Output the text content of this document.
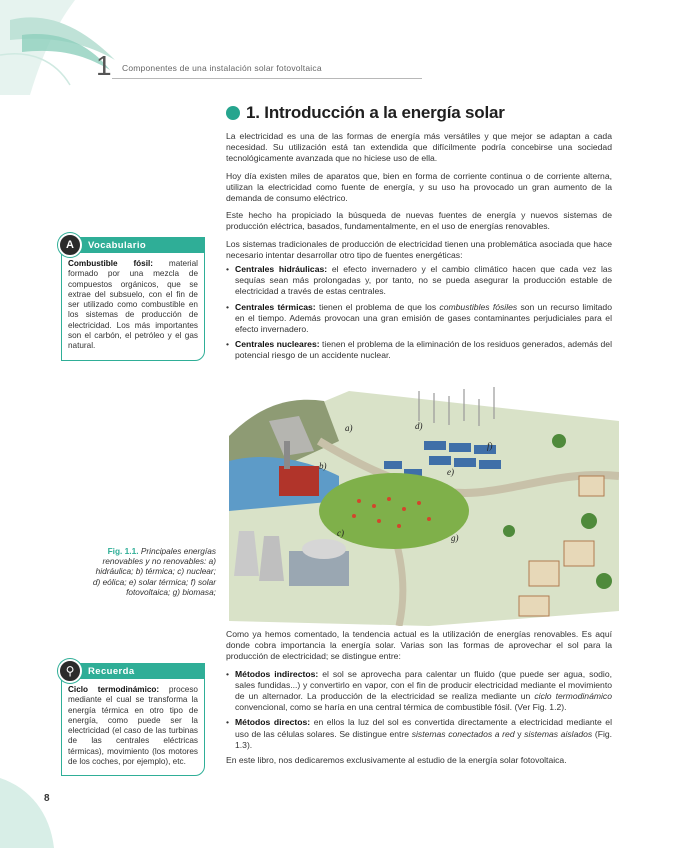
1 Componentes de una instalación solar fotovoltaica
1. Introducción a la energía solar

La electricidad es una de las formas de energía más versátiles y que mejor se adaptan a cada necesidad. Su utilización está tan extendida que difícilmente podría concebirse una sociedad tecnológicamente avanzada que no hiciese uso de ella.

Hoy día existen miles de aparatos que, bien en forma de corriente continua o de corriente alterna, utilizan la electricidad como fuente de energía, y su uso ha provocado un gran aumento de la demanda de consumo eléctrico.

Este hecho ha propiciado la búsqueda de nuevas fuentes de energía y nuevos sistemas de producción eléctrica, basados, fundamentalmente, en el uso de energías renovables.

Los sistemas tradicionales de producción de electricidad tienen una problemática asociada que hace necesario intentar desarrollar otro tipo de fuentes energéticas:

• Centrales hidráulicas: el efecto invernadero y el cambio climático hacen que cada vez las sequías sean más prolongadas y, por tanto, no se pueda asegurar la producción estable de electricidad a través de estas centrales.
• Centrales térmicas: tienen el problema de que los combustibles fósiles son un recurso limitado en el tiempo. Además provocan una gran emisión de gases contaminantes perjudiciales para el efecto invernadero.
• Centrales nucleares: tienen el problema de la eliminación de los residuos generados, además del potencial riesgo de un accidente nuclear.
Vocabulario
Combustible fósil: material formado por una mezcla de compuestos orgánicos, que se extrae del subsuelo, con el fin de ser utilizado como combustible en los sistemas de producción de electricidad. Los más importantes son el carbón, el petróleo y el gas natural.
A
a)
b)
c)
d)
e)
f)
g)
Fig. 1.1. Principales energías renovables y no renovables: a) hidráulica; b) térmica; c) nuclear; d) eólica; e) solar térmica; f) solar fotovoltaica; g) biomasa;

Como ya hemos comentado, la tendencia actual es la utilización de energías renovables. Es aquí donde cobra importancia la energía solar. Varias son las formas de aprovechar el sol para la producción de electricidad; se distingue entre:

• Métodos indirectos: el sol se aprovecha para calentar un fluido (que puede ser agua, sodio, sales fundidas...) y convertirlo en vapor, con el fin de producir electricidad mediante el movimiento de un alternador. La producción de la electricidad se realiza mediante un ciclo termodinámico convencional, como se haría en una central térmica de combustible fósil. (Ver Fig. 1.2).
• Métodos directos: en ellos la luz del sol es convertida directamente a electricidad mediante el uso de las células solares. Se distingue entre sistemas conectados a red y sistemas aislados (Fig. 1.3).

En este libro, nos dedicaremos exclusivamente al estudio de la energía solar fotovoltaica.

Recuerda
Ciclo termodinámico: proceso mediante el cual se transforma la energía térmica en otro tipo de energía, como puede ser la electricidad (el caso de las turbinas de las centrales eléctricas térmicas), movimiento (los motores de los coches, por ejemplo), etc.
⚲
8
